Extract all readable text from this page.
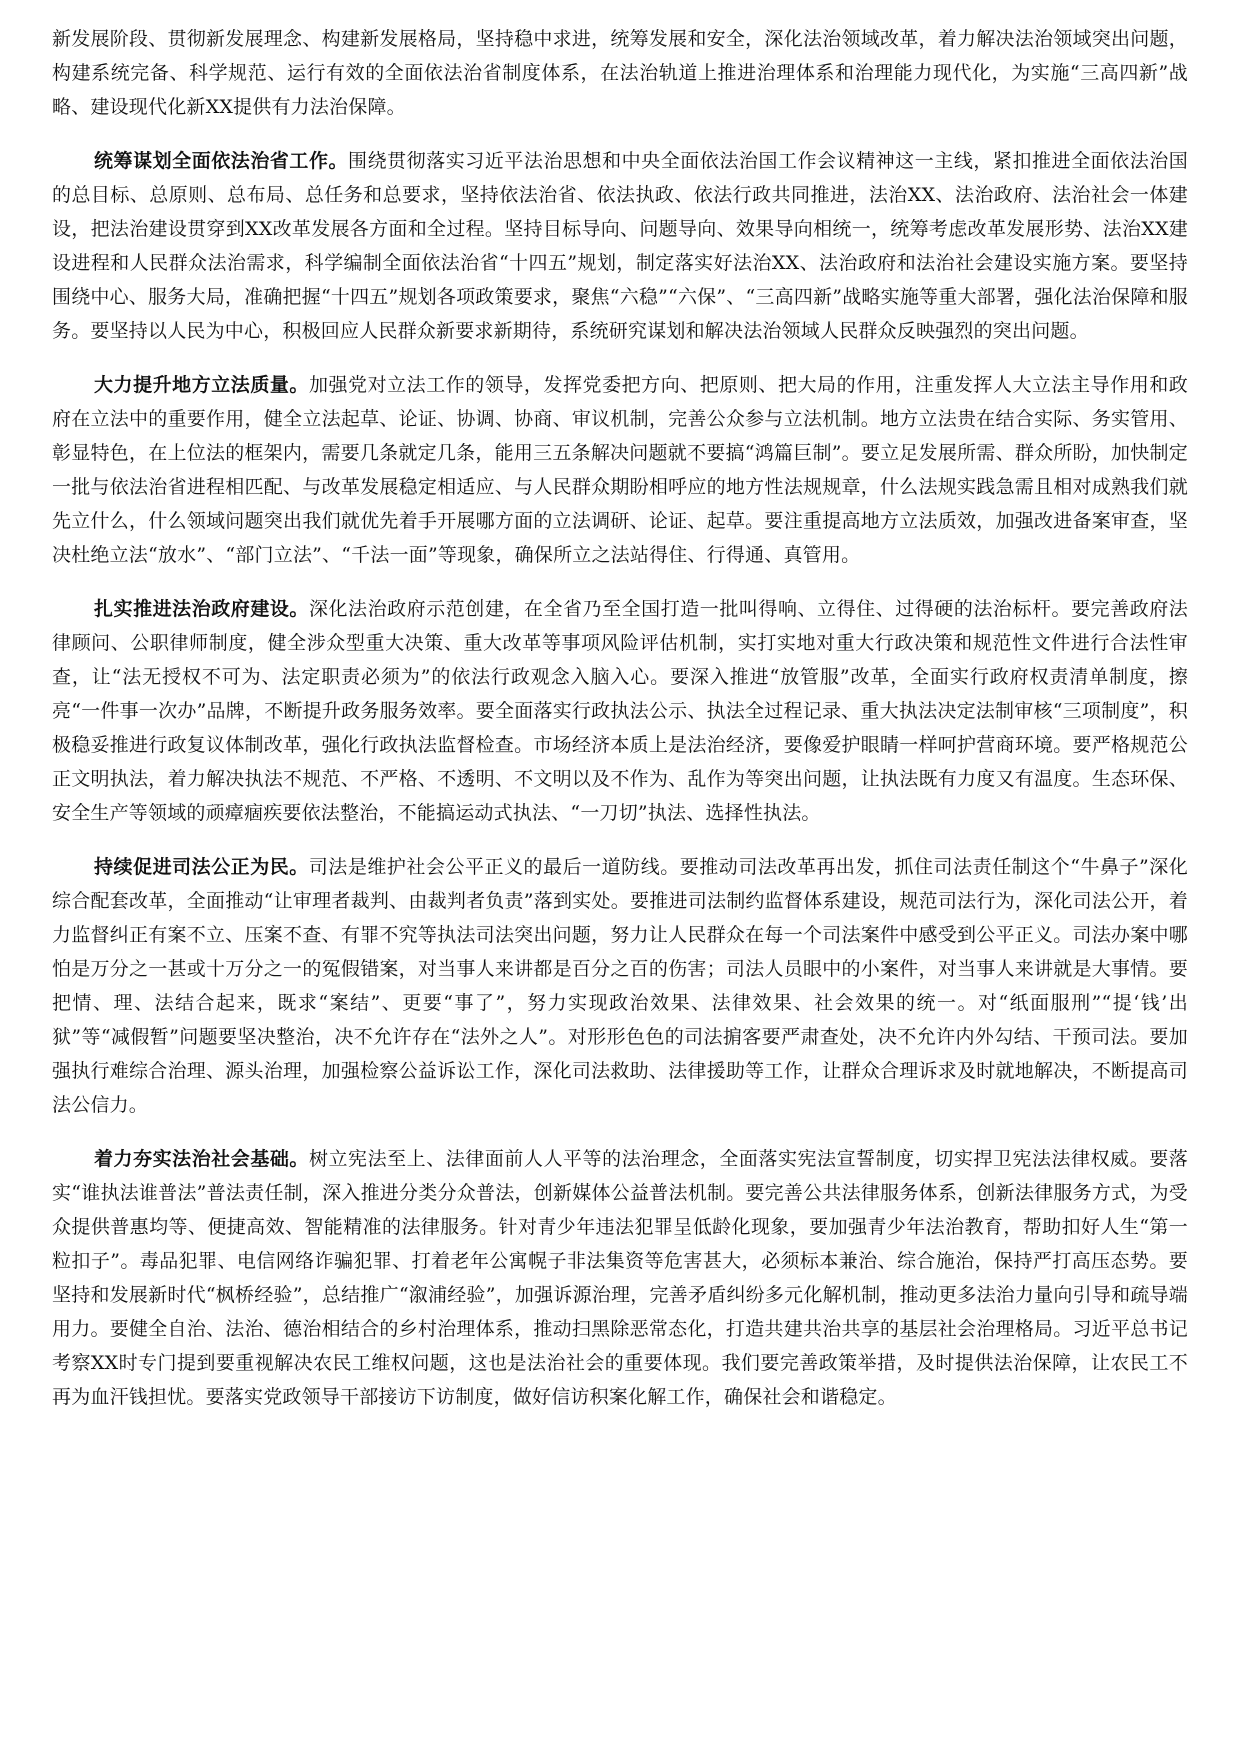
新发展阶段、贯彻新发展理念、构建新发展格局，坚持稳中求进，统筹发展和安全，深化法治领域改革，着力解决法治领域突出问题，构建系统完备、科学规范、运行有效的全面依法治省制度体系，在法治轨道上推进治理体系和治理能力现代化，为实施“三高四新”战略、建设现代化新XX提供有力法治保障。

统筹谋划全面依法治省工作。围绕贯彻落实习近平法治思想和中央全面依法治国工作会议精神这一主线，紧扣推进全面依法治国的总目标、总原则、总布局、总任务和总要求，坚持依法治省、依法执政、依法行政共同推进，法治XX、法治政府、法治社会一体建设，把法治建设贯穿到XX改革发展各方面和全过程。坚持目标导向、问题导向、效果导向相统一，统筹考虑改革发展形势、法治XX建设进程和人民群众法治需求，科学编制全面依法治省“十四五”规划，制定落实好法治XX、法治政府和法治社会建设实施方案。要坚持围绕中心、服务大局，准确把握“十四五”规划各项政策要求，聚焦“六稳”“六保”、“三高四新”战略实施等重大部署，强化法治保障和服务。要坚持以人民为中心，积极回应人民群众新要求新期待，系统研究谋划和解决法治领域人民群众反映强烈的突出问题。

大力提升地方立法质量。加强党对立法工作的领导，发挥党委把方向、把原则、把大局的作用，注重发挥人大立法主导作用和政府在立法中的重要作用，健全立法起草、论证、协调、协商、审议机制，完善公众参与立法机制。地方立法贵在结合实际、务实管用、彰显特色，在上位法的框架内，需要几条就定几条，能用三五条解决问题就不要搞“鸿篇巨制”。要立足发展所需、群众所盼，加快制定一批与依法治省进程相匹配、与改革发展稳定相适应、与人民群众期盼相呼应的地方性法规规章，什么法规实践急需且相对成熟我们就先立什么，什么领域问题突出我们就优先着手开展哪方面的立法调研、论证、起草。要注重提高地方立法质效，加强改进备案审查，坚决杜绝立法“放水”、“部门立法”、“千法一面”等现象，确保所立之法站得住、行得通、真管用。

扎实推进法治政府建设。深化法治政府示范创建，在全省乃至全国打造一批叫得响、立得住、过得硬的法治标杆。要完善政府法律顾问、公职律师制度，健全涉众型重大决策、重大改革等事项风险评估机制，实打实地对重大行政决策和规范性文件进行合法性审查，让“法无授权不可为、法定职责必须为”的依法行政观念入脑入心。要深入推进“放管服”改革，全面实行政府权责清单制度，擦亮“一件事一次办”品牌，不断提升政务服务效率。要全面落实行政执法公示、执法全过程记录、重大执法决定法制审核“三项制度”，积极稳妥推进行政复议体制改革，强化行政执法监督检查。市场经济本质上是法治经济，要像爱护眼睛一样呵护营商环境。要严格规范公正文明执法，着力解决执法不规范、不严格、不透明、不文明以及不作为、乱作为等突出问题，让执法既有力度又有温度。生态环保、安全生产等领域的顽瘴痼疾要依法整治，不能搞运动式执法、“一刀切”执法、选择性执法。

持续促进司法公正为民。司法是维护社会公平正义的最后一道防线。要推动司法改革再出发，抓住司法责任制这个“牛鼻子”深化综合配套改革，全面推动“让审理者裁判、由裁判者负责”落到实处。要推进司法制约监督体系建设，规范司法行为，深化司法公开，着力监督纠正有案不立、压案不查、有罪不究等执法司法突出问题，努力让人民群众在每一个司法案件中感受到公平正义。司法办案中哪怕是万分之一甚或十万分之一的冤假错案，对当事人来讲都是百分之百的伤害；司法人员眼中的小案件，对当事人来讲就是大事情。要把情、理、法结合起来，既求“案结”、更要“事了”，努力实现政治效果、法律效果、社会效果的统一。对“纸面服刑”“提‘钱’出狱”等“减假暂”问题要坚决整治，决不允许存在“法外之人”。对形形色色的司法掮客要严肃查处，决不允许内外勾结、干预司法。要加强执行难综合治理、源头治理，加强检察公益诉讼工作，深化司法救助、法律援助等工作，让群众合理诉求及时就地解决，不断提高司法公信力。

着力夯实法治社会基础。树立宪法至上、法律面前人人平等的法治理念，全面落实宪法宣誓制度，切实捍卫宪法法律权威。要落实“谁执法谁普法”普法责任制，深入推进分类分众普法，创新媒体公益普法机制。要完善公共法律服务体系，创新法律服务方式，为受众提供普惠均等、便捷高效、智能精准的法律服务。针对青少年违法犯罪呈低龄化现象，要加强青少年法治教育，帮助扣好人生“第一粒扣子”。毒品犯罪、电信网络诈骗犯罪、打着老年公寓幌子非法集资等危害甚大，必须标本兼治、综合施治，保持严打高压态势。要坚持和发展新时代“枫桥经验”，总结推广“溆浦经验”，加强诉源治理，完善矛盾纠纷多元化解机制，推动更多法治力量向引导和疏导端用力。要健全自治、法治、德治相结合的乡村治理体系，推动扫黑除恶常态化，打造共建共治共享的基层社会治理格局。习近平总书记考察XX时专门提到要重视解决农民工维权问题，这也是法治社会的重要体现。我们要完善政策举措，及时提供法治保障，让农民工不再为血汗钱担忧。要落实党政领导干部接访下访制度，做好信访积案化解工作，确保社会和谐稳定。
